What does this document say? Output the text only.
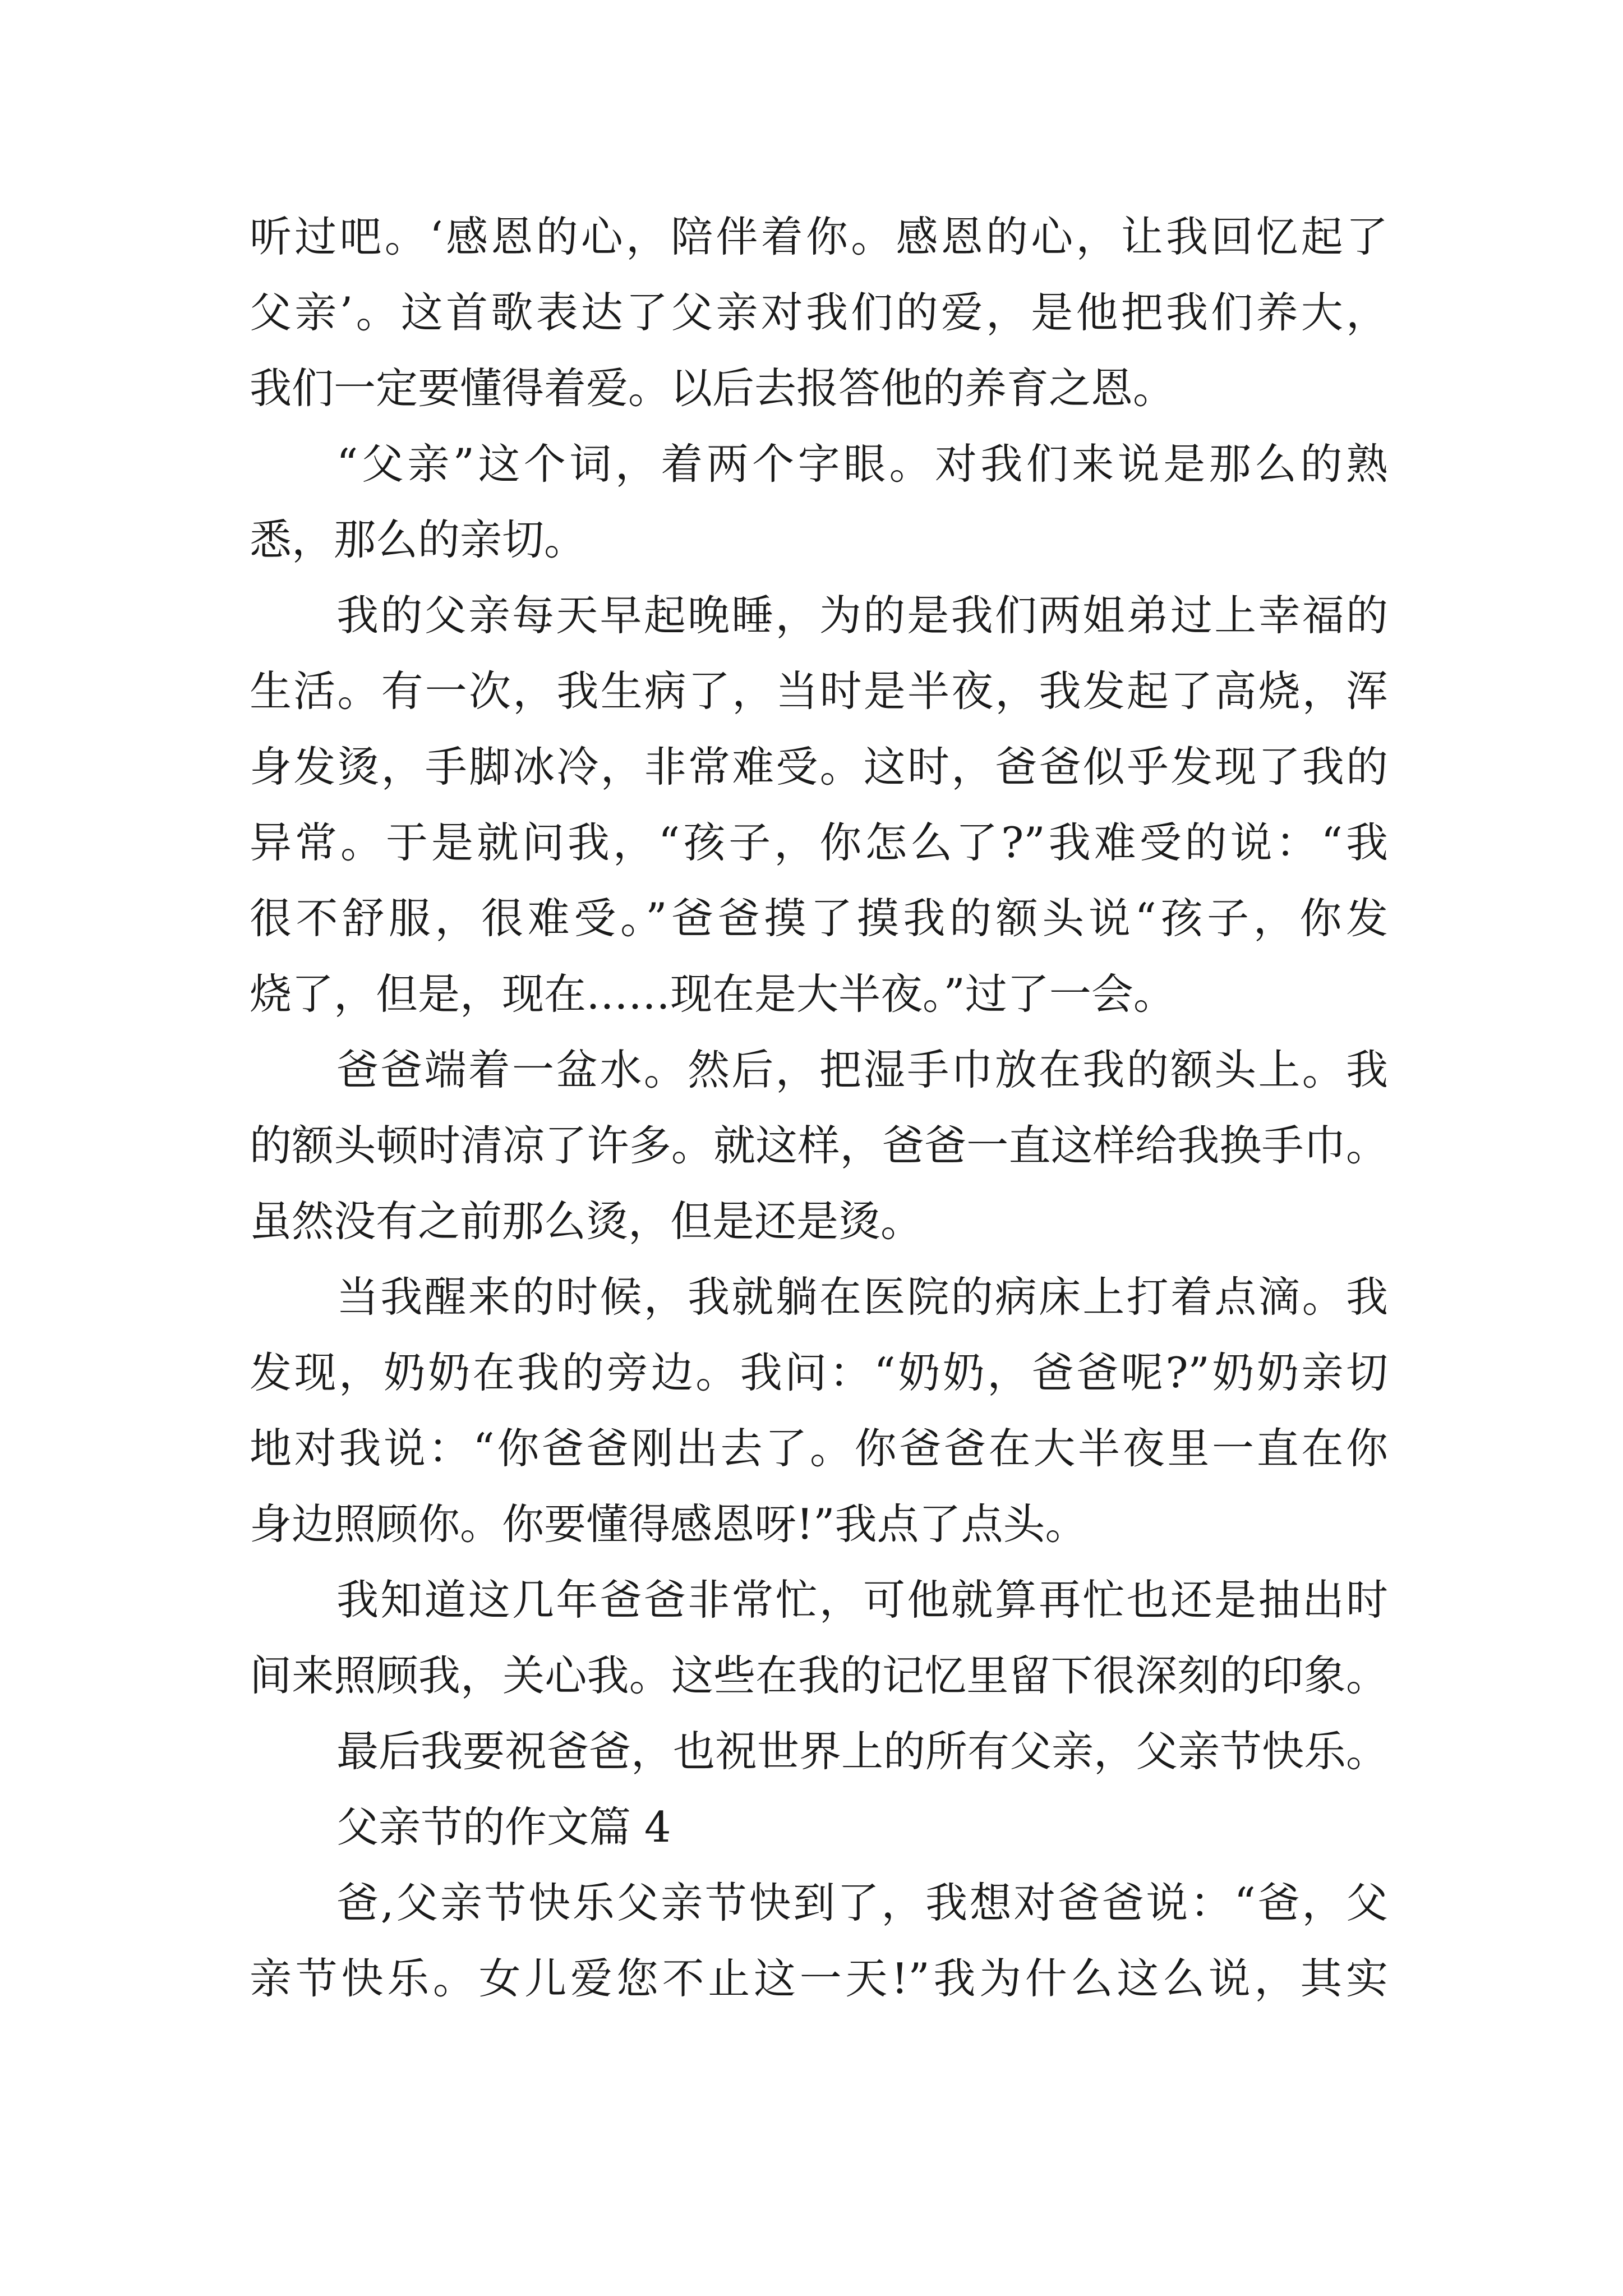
听过吧。‘感恩的心，陪伴着你。感恩的心，让我回忆起了
父亲’。这首歌表达了父亲对我们的爱，是他把我们养大，
我们一定要懂得着爱。以后去报答他的养育之恩。
“父亲”这个词，着两个字眼。对我们来说是那么的熟
悉，那么的亲切。
我的父亲每天早起晚睡，为的是我们两姐弟过上幸福的
生活。有一次，我生病了，当时是半夜，我发起了高烧，浑
身发烫，手脚冰冷，非常难受。这时，爸爸似乎发现了我的
异常。于是就问我，“孩子，你怎么了?”我难受的说：“我
很不舒服，很难受。”爸爸摸了摸我的额头说“孩子，你发
烧了，但是，现在……现在是大半夜。”过了一会。
爸爸端着一盆水。然后，把湿手巾放在我的额头上。我
的额头顿时清凉了许多。就这样，爸爸一直这样给我换手巾。
虽然没有之前那么烫，但是还是烫。
当我醒来的时候，我就躺在医院的病床上打着点滴。我
发现，奶奶在我的旁边。我问：“奶奶，爸爸呢?”奶奶亲切
地对我说：“你爸爸刚出去了。你爸爸在大半夜里一直在你
身边照顾你。你要懂得感恩呀!”我点了点头。
我知道这几年爸爸非常忙，可他就算再忙也还是抽出时
间来照顾我，关心我。这些在我的记忆里留下很深刻的印象。
最后我要祝爸爸，也祝世界上的所有父亲，父亲节快乐。
父亲节的作文篇 4
爸,父亲节快乐父亲节快到了，我想对爸爸说：“爸，父
亲节快乐。女儿爱您不止这一天!”我为什么这么说，其实
